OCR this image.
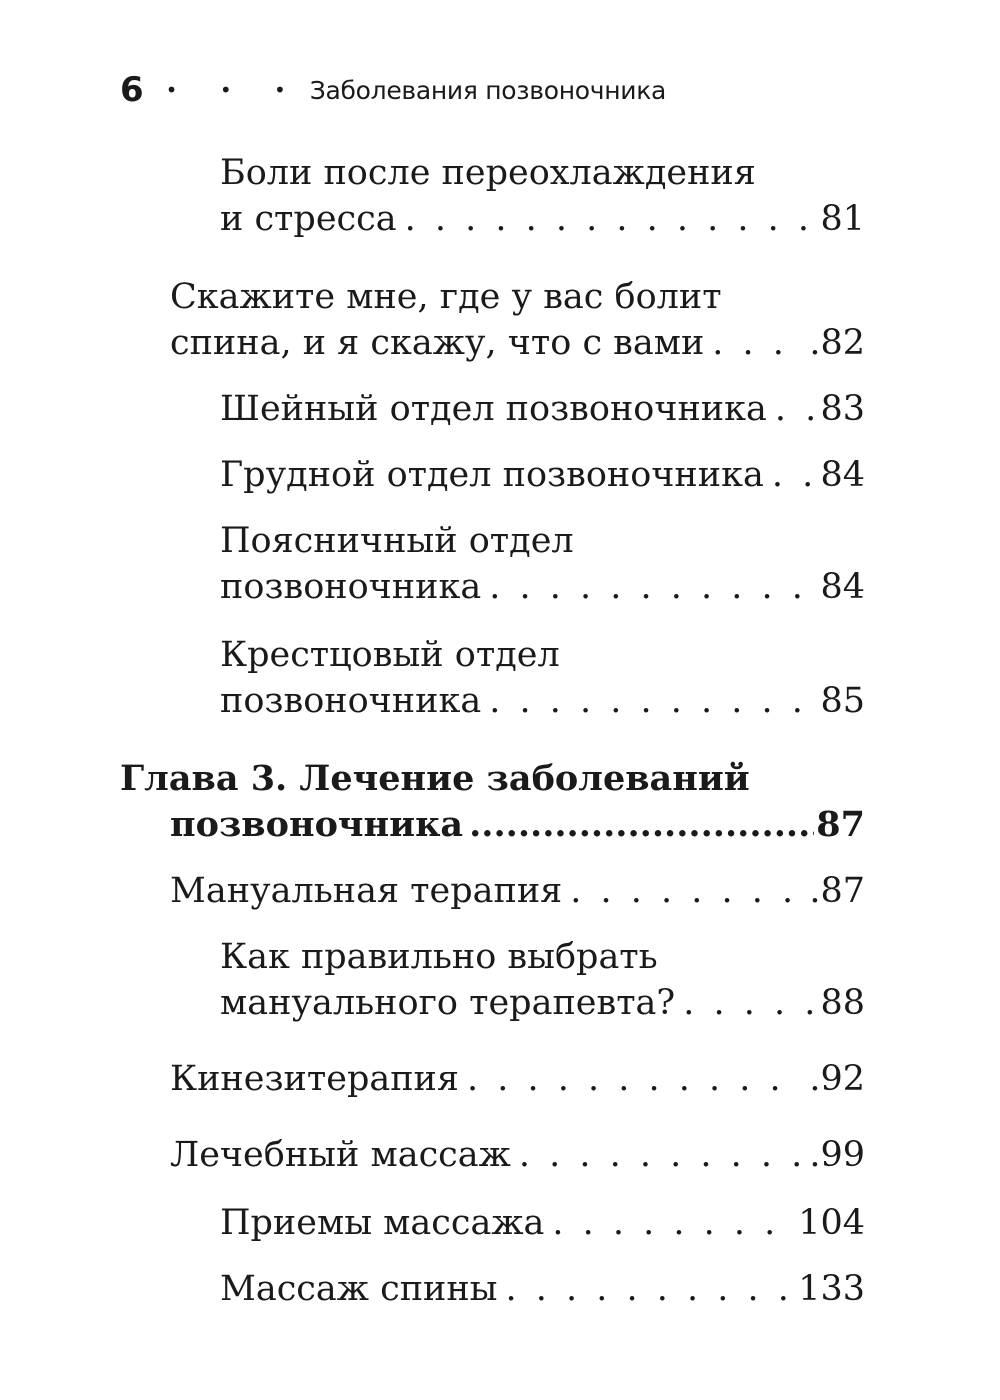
6 • • • Заболевания позвоночника
Боли после переохлаждения
и стресса . . .	81
Скажите мне, где у вас болит
спина, и я скажу, что с вами . . .	.82
Шейный отдел позвоночника . . . 83
Грудной отдел позвоночника . . . 84
Поясничный отдел
позвоночника . . .	84
Крестцовый отдел
позвоночника . . .	85
Глава 3. Лечение заболеваний
позвоночника .....	87
Мануальная терапия . . .	.87
Как правильно выбрать
мануального терапевта? . . .	88
Кинезитерапия . . .	.92
Лечебный массаж . . .	.99
Приемы массажа . . .	104
Массаж спины . . .	133
